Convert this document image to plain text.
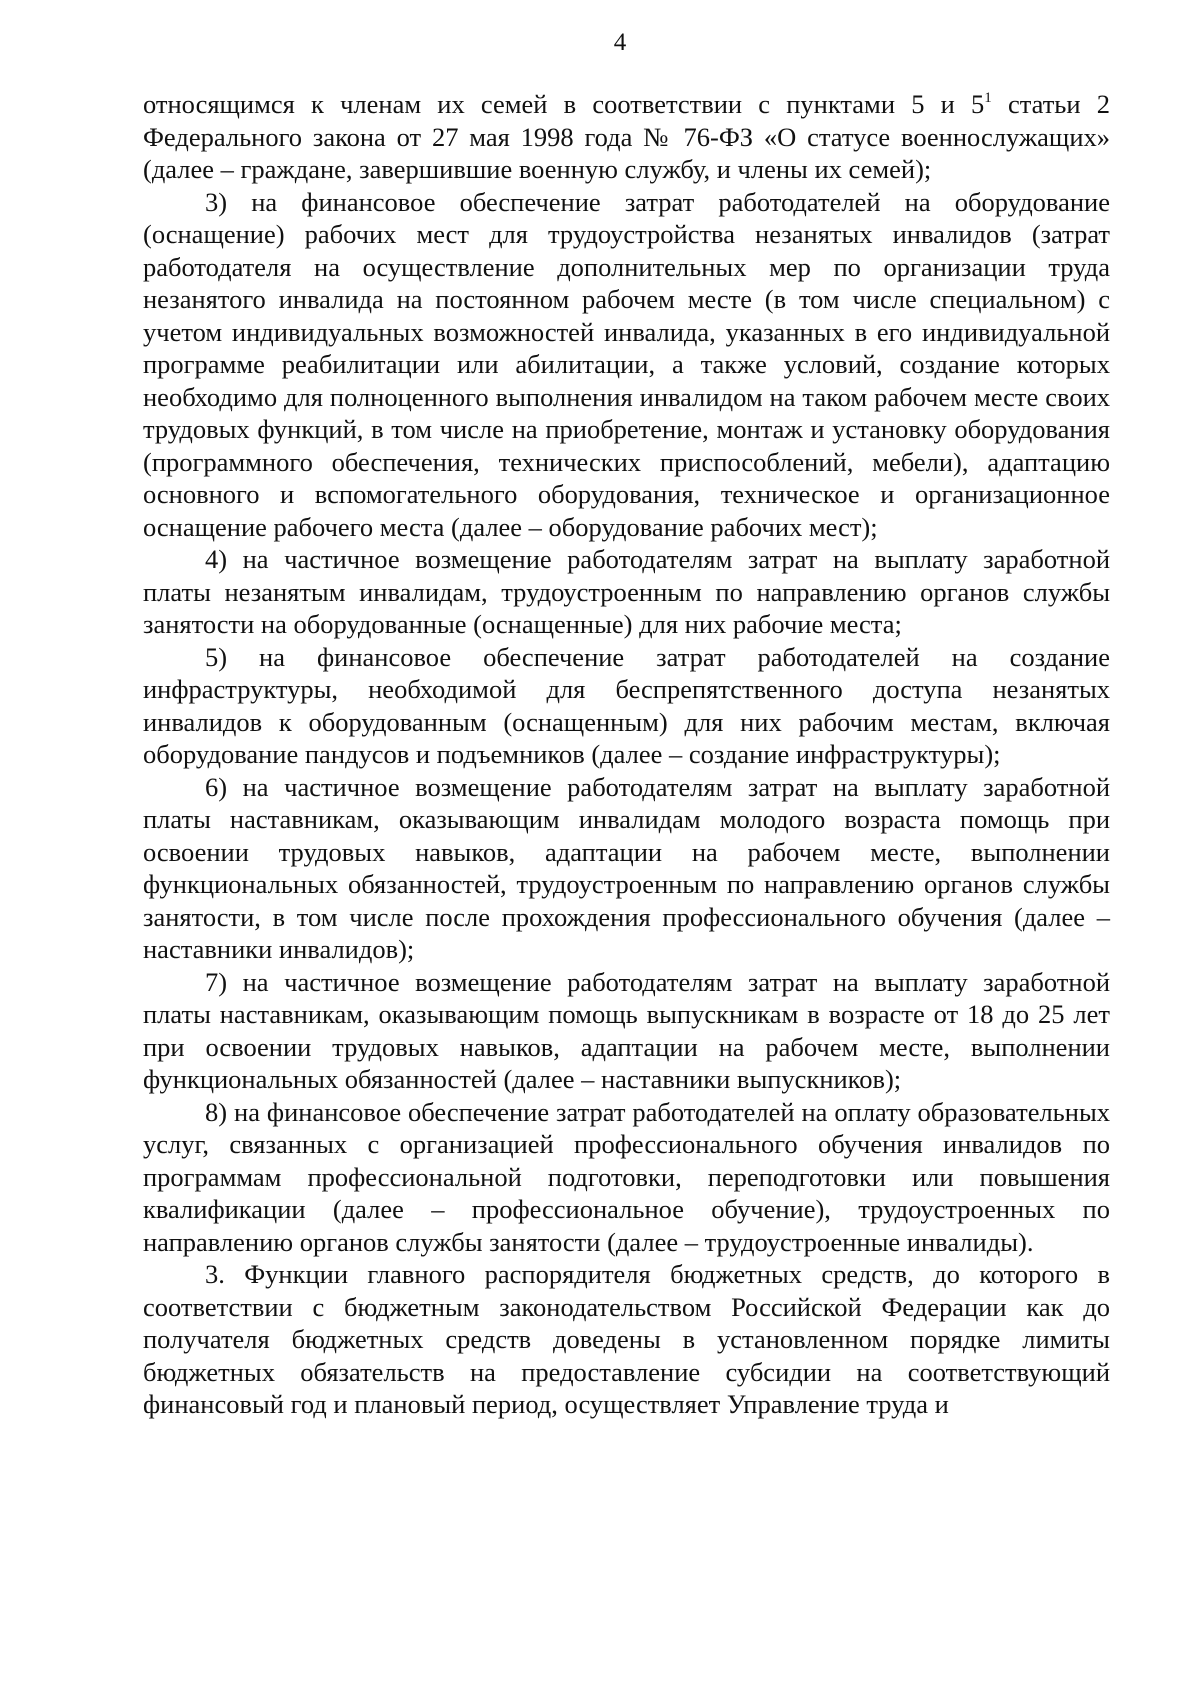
4

относящимся к членам их семей в соответствии с пунктами 5 и $5^1$ статьи 2 Федерального закона от 27 мая 1998 года № 76-ФЗ «О статусе военнослужащих» (далее – граждане, завершившие военную службу, и члены их семей);

3) на финансовое обеспечение затрат работодателей на оборудование (оснащение) рабочих мест для трудоустройства незанятых инвалидов (затрат работодателя на осуществление дополнительных мер по организации труда незанятого инвалида на постоянном рабочем месте (в том числе специальном) с учетом индивидуальных возможностей инвалида, указанных в его индивидуальной программе реабилитации или абилитации, а также условий, создание которых необходимо для полноценного выполнения инвалидом на таком рабочем месте своих трудовых функций, в том числе на приобретение, монтаж и установку оборудования (программного обеспечения, технических приспособлений, мебели), адаптацию основного и вспомогательного оборудования, техническое и организационное оснащение рабочего места (далее – оборудование рабочих мест);

4) на частичное возмещение работодателям затрат на выплату заработной платы незанятым инвалидам, трудоустроенным по направлению органов службы занятости на оборудованные (оснащенные) для них рабочие места;

5) на финансовое обеспечение затрат работодателей на создание инфраструктуры, необходимой для беспрепятственного доступа незанятых инвалидов к оборудованным (оснащенным) для них рабочим местам, включая оборудование пандусов и подъемников (далее – создание инфраструктуры);

6) на частичное возмещение работодателям затрат на выплату заработной платы наставникам, оказывающим инвалидам молодого возраста помощь при освоении трудовых навыков, адаптации на рабочем месте, выполнении функциональных обязанностей, трудоустроенным по направлению органов службы занятости, в том числе после прохождения профессионального обучения (далее – наставники инвалидов);

7) на частичное возмещение работодателям затрат на выплату заработной платы наставникам, оказывающим помощь выпускникам в возрасте от 18 до 25 лет при освоении трудовых навыков, адаптации на рабочем месте, выполнении функциональных обязанностей (далее – наставники выпускников);

8) на финансовое обеспечение затрат работодателей на оплату образовательных услуг, связанных с организацией профессионального обучения инвалидов по программам профессиональной подготовки, переподготовки или повышения квалификации (далее – профессиональное обучение), трудоустроенных по направлению органов службы занятости (далее – трудоустроенные инвалиды).

3. Функции главного распорядителя бюджетных средств, до которого в соответствии с бюджетным законодательством Российской Федерации как до получателя бюджетных средств доведены в установленном порядке лимиты бюджетных обязательств на предоставление субсидии на соответствующий финансовый год и плановый период, осуществляет Управление труда и
